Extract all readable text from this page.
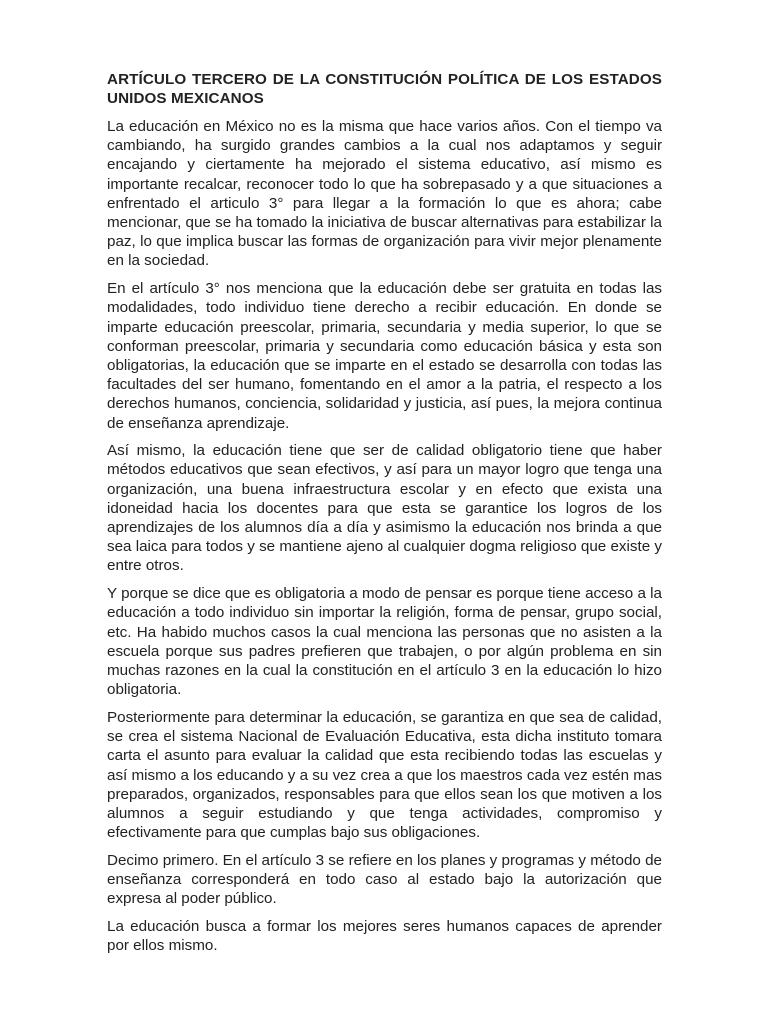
ARTÍCULO TERCERO DE LA CONSTITUCIÓN POLÍTICA DE LOS ESTADOS UNIDOS MEXICANOS

La educación en México no es la misma que hace varios años. Con el tiempo va cambiando, ha surgido grandes cambios a la cual nos adaptamos y seguir encajando y ciertamente ha mejorado el sistema educativo, así mismo es importante recalcar, reconocer todo lo que ha sobrepasado y a que situaciones a enfrentado el articulo 3° para llegar a la formación lo que es ahora; cabe mencionar, que se ha tomado la iniciativa de buscar alternativas para estabilizar la paz, lo que implica buscar las formas de organización para vivir mejor plenamente en la sociedad.

En el artículo 3° nos menciona que la educación debe ser gratuita en todas las modalidades, todo individuo tiene derecho a recibir educación. En donde se imparte educación preescolar, primaria, secundaria y media superior, lo que se conforman preescolar, primaria y secundaria como educación básica y esta son obligatorias, la educación que se imparte en el estado se desarrolla con todas las facultades del ser humano, fomentando en el amor a la patria, el respecto a los derechos humanos, conciencia, solidaridad y justicia, así pues, la mejora continua de enseñanza aprendizaje.

Así mismo, la educación tiene que ser de calidad obligatorio tiene que haber métodos educativos que sean efectivos, y así para un mayor logro que tenga una organización, una buena infraestructura escolar y en efecto que exista una idoneidad hacia los docentes para que esta se garantice los logros de los aprendizajes de los alumnos día a día y asimismo la educación nos brinda a que sea laica para todos y se mantiene ajeno al cualquier dogma religioso que existe y entre otros.

Y porque se dice que es obligatoria a modo de pensar es porque tiene acceso a la educación a todo individuo sin importar la religión, forma de pensar, grupo social, etc. Ha habido muchos casos la cual menciona las personas que no asisten a la escuela porque sus padres prefieren que trabajen, o por algún problema en sin muchas razones en la cual la constitución en el artículo 3 en la educación lo hizo obligatoria.

Posteriormente para determinar la educación, se garantiza en que sea de calidad, se crea el sistema Nacional de Evaluación Educativa, esta dicha instituto tomara carta el asunto para evaluar la calidad que esta recibiendo todas las escuelas y así mismo a los educando y a su vez crea a que los maestros cada vez estén mas preparados, organizados, responsables para que ellos sean los que motiven a los alumnos a seguir estudiando y que tenga actividades, compromiso y efectivamente para que cumplas bajo sus obligaciones.

Decimo primero. En el artículo 3 se refiere en los planes y programas y método de enseñanza corresponderá en todo caso al estado bajo la autorización que expresa al poder público.

La educación busca a formar los mejores seres humanos capaces de aprender por ellos mismo.
